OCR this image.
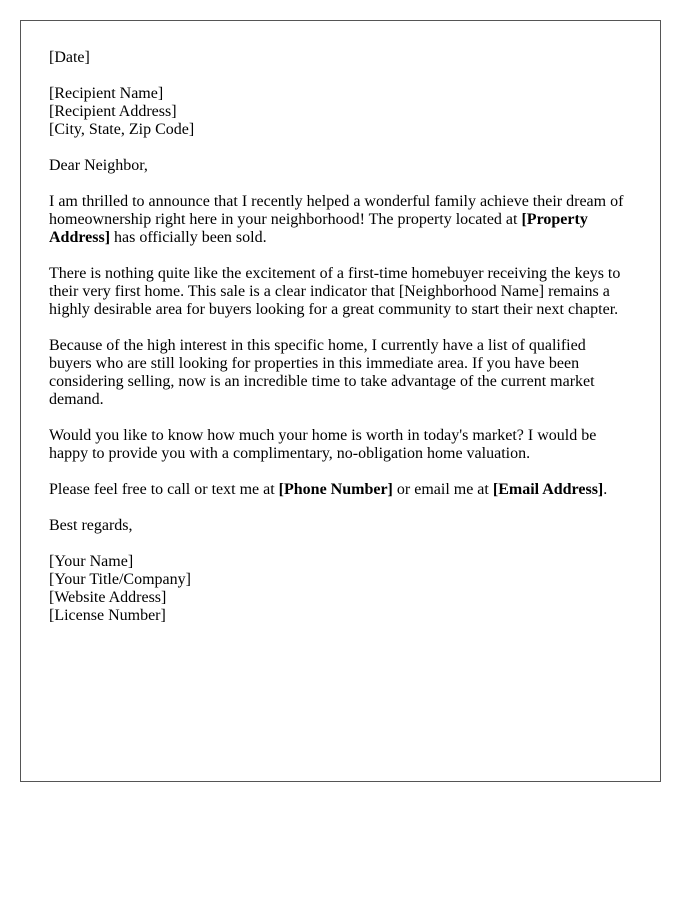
[Date]

[Recipient Name]
[Recipient Address]
[City, State, Zip Code]

Dear Neighbor,

I am thrilled to announce that I recently helped a wonderful family achieve their dream of homeownership right here in your neighborhood! The property located at [Property Address] has officially been sold.

There is nothing quite like the excitement of a first-time homebuyer receiving the keys to their very first home. This sale is a clear indicator that [Neighborhood Name] remains a highly desirable area for buyers looking for a great community to start their next chapter.

Because of the high interest in this specific home, I currently have a list of qualified buyers who are still looking for properties in this immediate area. If you have been considering selling, now is an incredible time to take advantage of the current market demand.

Would you like to know how much your home is worth in today's market? I would be happy to provide you with a complimentary, no-obligation home valuation.

Please feel free to call or text me at [Phone Number] or email me at [Email Address].

Best regards,

[Your Name]
[Your Title/Company]
[Website Address]
[License Number]
